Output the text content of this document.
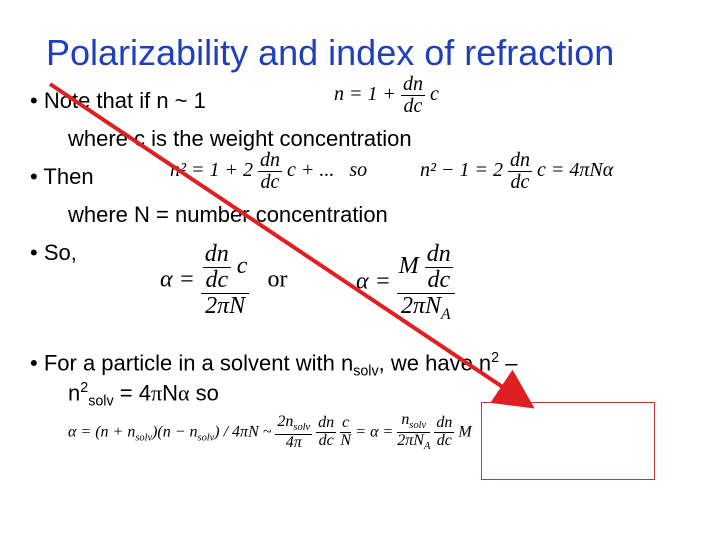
Polarizability and index of refraction
• Note that if n ~ 1	$n = 1 + \frac{dn}{dc}$ c
where c is the weight concentration
• Then	$n^2 = 1 + 2 \frac{dn}{dc}$ c + ... so	$n^2 - 1 = 2 \frac{dn}{dc}$ c = 4πNα
where N = number concentration
• So,
$\alpha = \frac{\frac{dn}{dc} c}{2\pi N}$ or	$\alpha = \frac{M \frac{dn}{dc}}{2\pi N_A}$
• For a particle in a solvent with $n_{solv}$, we have $n^2$ –
$n^2_{solv} = 4\pi N\alpha$ so
$\alpha = (n + n_{solv})(n - n_{solv}) / 4\pi N$ ~ $\frac{2n_{solv}}{4\pi}$
$\frac{dn}{dc}$
$\frac{c}{N} = \alpha = \frac{n_{solv}}{2\pi N_A}$
$\frac{dn}{dc}$ M
